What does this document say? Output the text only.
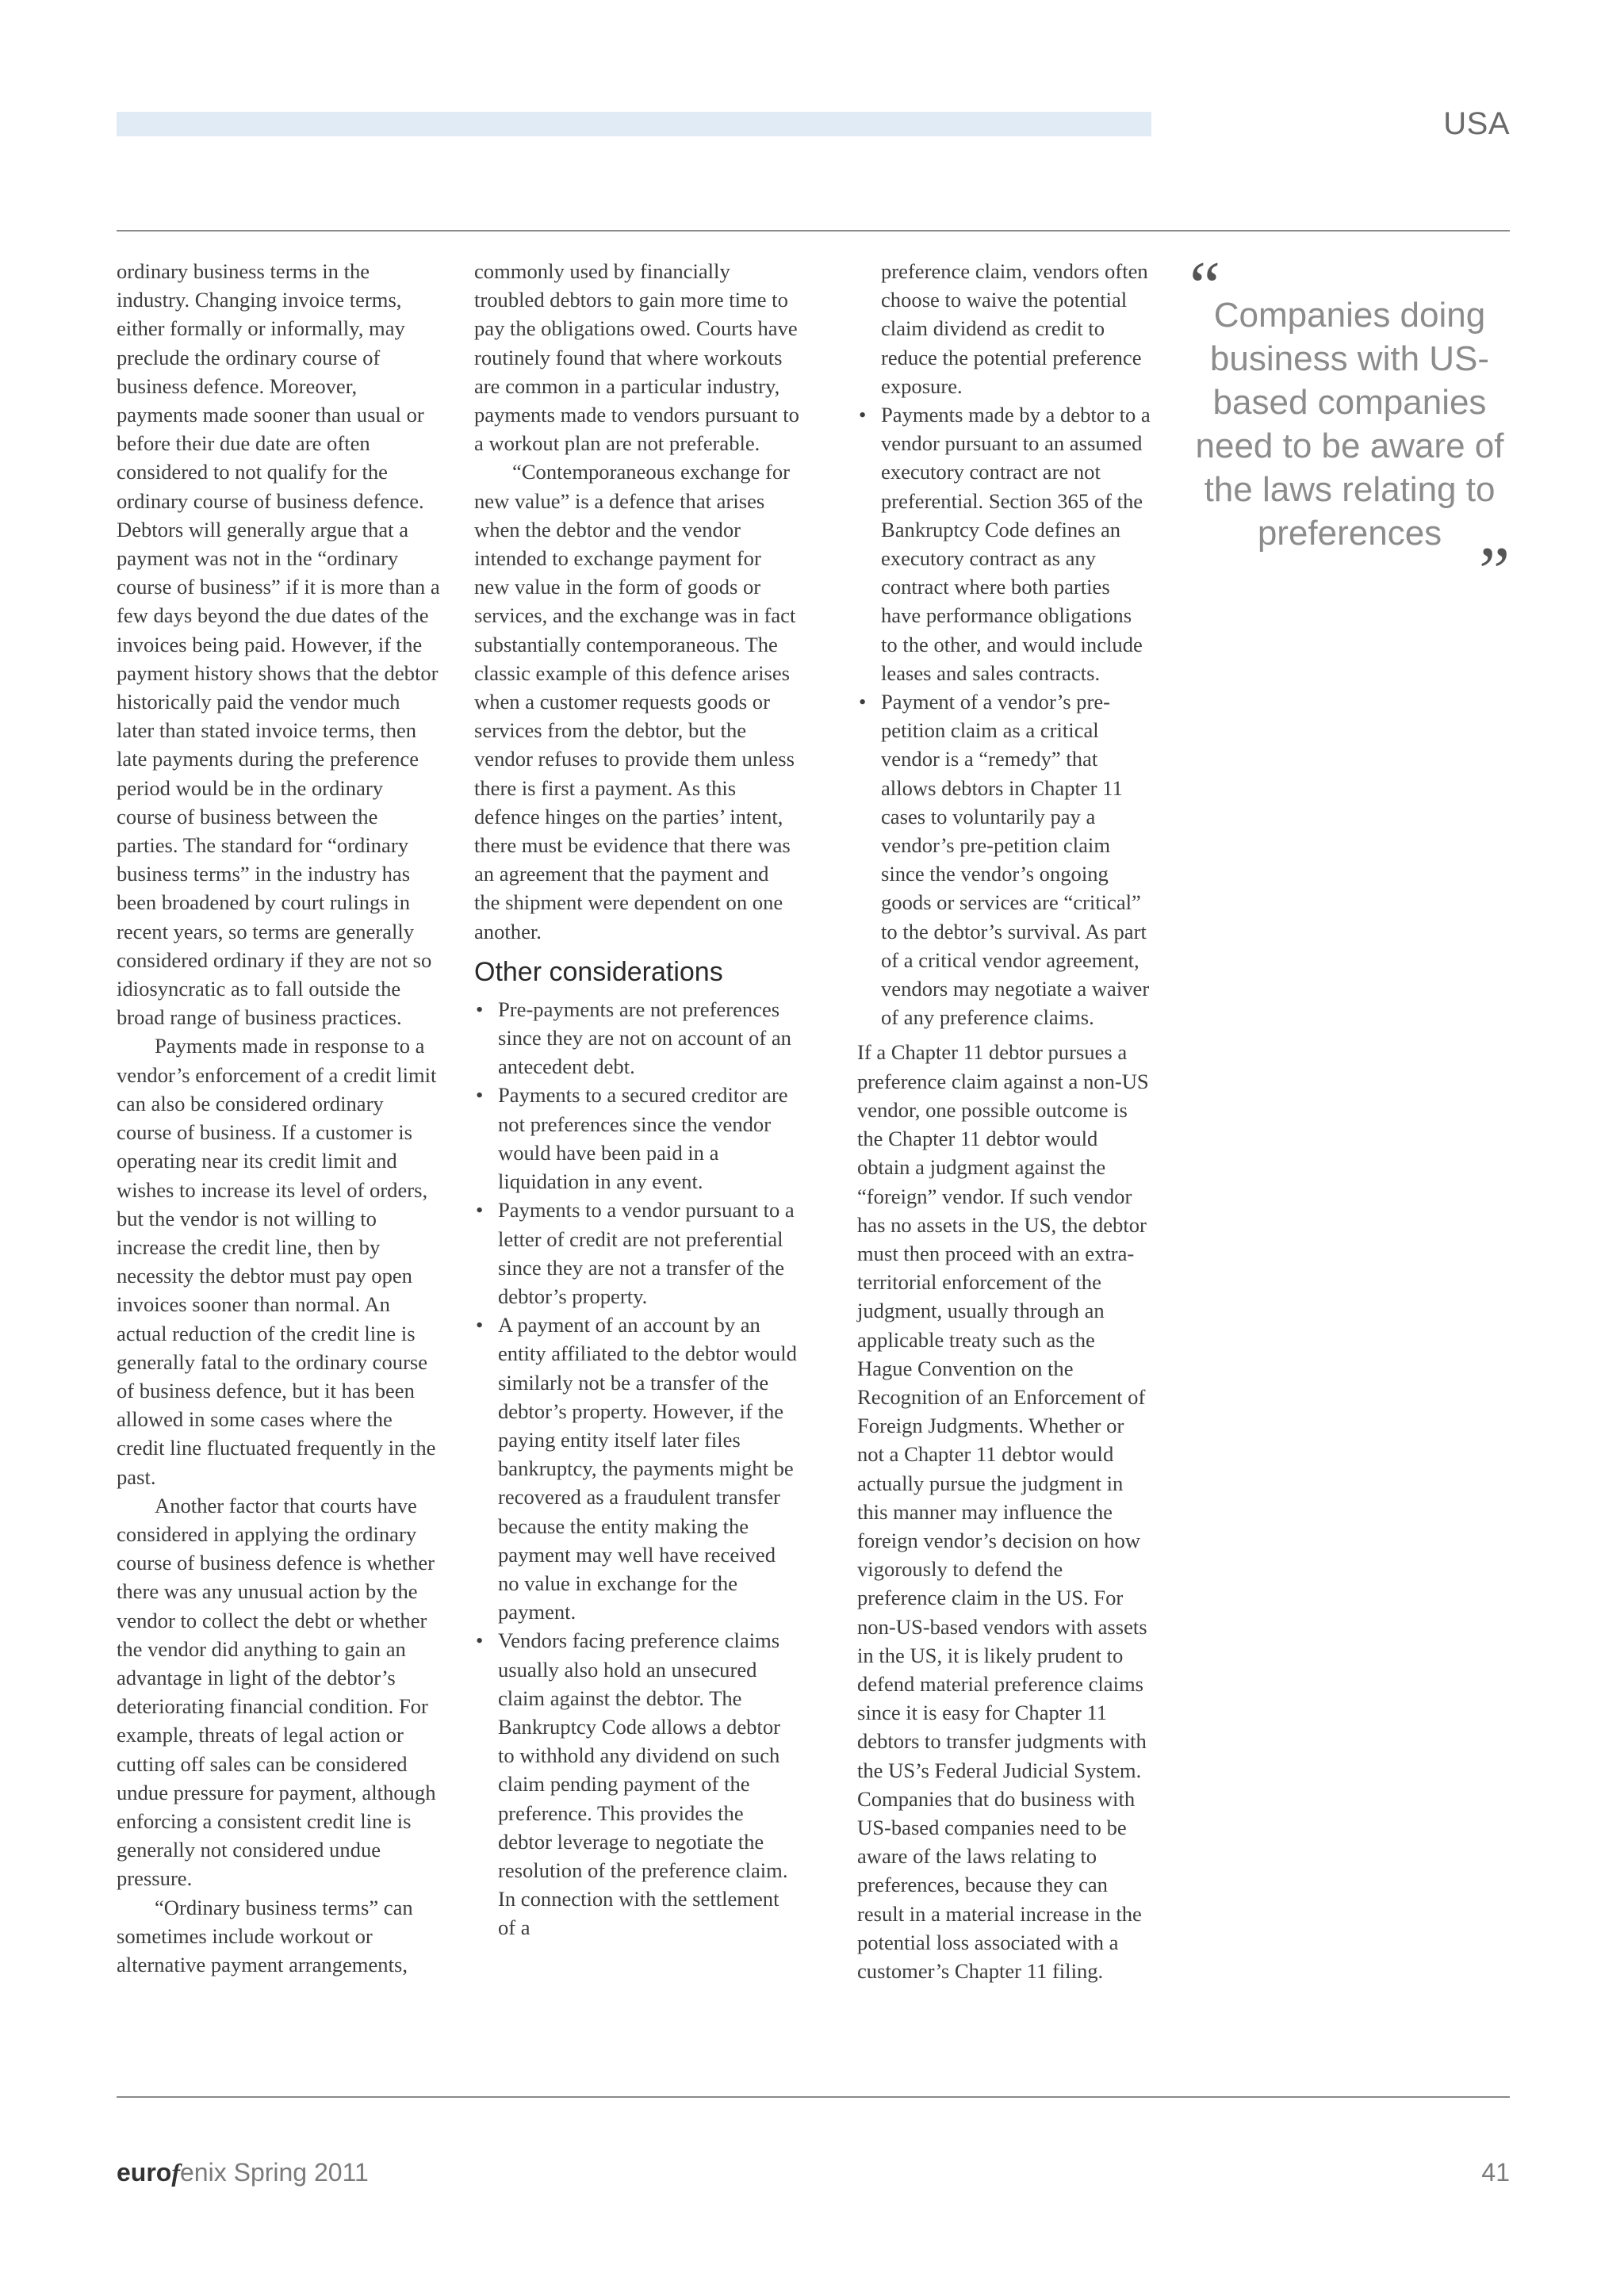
USA

ordinary business terms in the industry. Changing invoice terms, either formally or informally, may preclude the ordinary course of business defence. Moreover, payments made sooner than usual or before their due date are often considered to not qualify for the ordinary course of business defence. Debtors will generally argue that a payment was not in the “ordinary course of business” if it is more than a few days beyond the due dates of the invoices being paid. However, if the payment history shows that the debtor historically paid the vendor much later than stated invoice terms, then late payments during the preference period would be in the ordinary course of business between the parties. The standard for “ordinary business terms” in the industry has been broadened by court rulings in recent years, so terms are generally considered ordinary if they are not so idiosyncratic as to fall outside the broad range of business practices.

Payments made in response to a vendor’s enforcement of a credit limit can also be considered ordinary course of business. If a customer is operating near its credit limit and wishes to increase its level of orders, but the vendor is not willing to increase the credit line, then by necessity the debtor must pay open invoices sooner than normal. An actual reduction of the credit line is generally fatal to the ordinary course of business defence, but it has been allowed in some cases where the credit line fluctuated frequently in the past.

Another factor that courts have considered in applying the ordinary course of business defence is whether there was any unusual action by the vendor to collect the debt or whether the vendor did anything to gain an advantage in light of the debtor’s deteriorating financial condition. For example, threats of legal action or cutting off sales can be considered undue pressure for payment, although enforcing a consistent credit line is generally not considered undue pressure.

“Ordinary business terms” can sometimes include workout or alternative payment arrangements,

commonly used by financially troubled debtors to gain more time to pay the obligations owed. Courts have routinely found that where workouts are common in a particular industry, payments made to vendors pursuant to a workout plan are not preferable.

“Contemporaneous exchange for new value” is a defence that arises when the debtor and the vendor intended to exchange payment for new value in the form of goods or services, and the exchange was in fact substantially contemporaneous. The classic example of this defence arises when a customer requests goods or services from the debtor, but the vendor refuses to provide them unless there is first a payment. As this defence hinges on the parties’ intent, there must be evidence that there was an agreement that the payment and the shipment were dependent on one another.

Other considerations
• Pre-payments are not preferences since they are not on account of an antecedent debt.
• Payments to a secured creditor are not preferences since the vendor would have been paid in a liquidation in any event.
• Payments to a vendor pursuant to a letter of credit are not preferential since they are not a transfer of the debtor’s property.
• A payment of an account by an entity affiliated to the debtor would similarly not be a transfer of the debtor’s property. However, if the paying entity itself later files bankruptcy, the payments might be recovered as a fraudulent transfer because the entity making the payment may well have received no value in exchange for the payment.
• Vendors facing preference claims usually also hold an unsecured claim against the debtor. The Bankruptcy Code allows a debtor to withhold any dividend on such claim pending payment of the preference. This provides the debtor leverage to negotiate the resolution of the preference claim. In connection with the settlement of a
preference claim, vendors often choose to waive the potential claim dividend as credit to reduce the potential preference exposure.
• Payments made by a debtor to a vendor pursuant to an assumed executory contract are not preferential. Section 365 of the Bankruptcy Code defines an executory contract as any contract where both parties have performance obligations to the other, and would include leases and sales contracts.
• Payment of a vendor’s pre-petition claim as a critical vendor is a “remedy” that allows debtors in Chapter 11 cases to voluntarily pay a vendor’s pre-petition claim since the vendor’s ongoing goods or services are “critical” to the debtor’s survival. As part of a critical vendor agreement, vendors may negotiate a waiver of any preference claims.

If a Chapter 11 debtor pursues a preference claim against a non-US vendor, one possible outcome is the Chapter 11 debtor would obtain a judgment against the “foreign” vendor. If such vendor has no assets in the US, the debtor must then proceed with an extra-territorial enforcement of the judgment, usually through an applicable treaty such as the Hague Convention on the Recognition of an Enforcement of Foreign Judgments. Whether or not a Chapter 11 debtor would actually pursue the judgment in this manner may influence the foreign vendor’s decision on how vigorously to defend the preference claim in the US. For non-US-based vendors with assets in the US, it is likely prudent to defend material preference claims since it is easy for Chapter 11 debtors to transfer judgments with the US’s Federal Judicial System.

Companies that do business with US-based companies need to be aware of the laws relating to preferences, because they can result in a material increase in the potential loss associated with a customer’s Chapter 11 filing.

“
Companies doing business with US-based companies need to be aware of the laws relating to preferences
”
eurofenix Spring 2011	41
